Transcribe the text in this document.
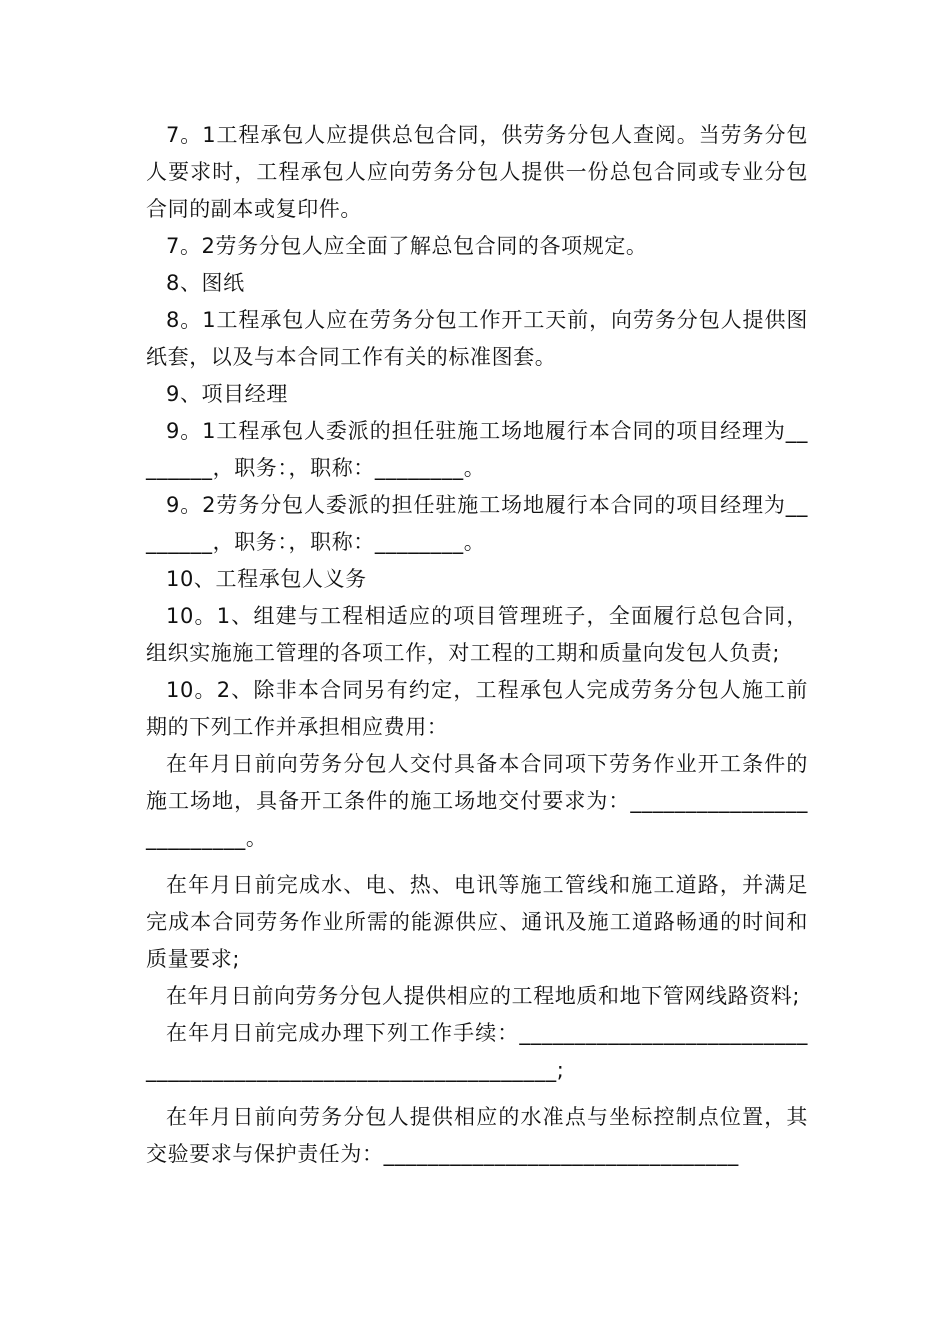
7。1工程承包人应提供总包合同，供劳务分包人查阅。当劳务分包人要求时，工程承包人应向劳务分包人提供一份总包合同或专业分包合同的副本或复印件。

7。2劳务分包人应全面了解总包合同的各项规定。

8、图纸

8。1工程承包人应在劳务分包工作开工天前，向劳务分包人提供图纸套，以及与本合同工作有关的标准图套。

9、项目经理

9。1工程承包人委派的担任驻施工场地履行本合同的项目经理为________，职务：，职称：________。

9。2劳务分包人委派的担任驻施工场地履行本合同的项目经理为________，职务：，职称：________。

10、工程承包人义务

10。1、组建与工程相适应的项目管理班子，全面履行总包合同，组织实施施工管理的各项工作，对工程的工期和质量向发包人负责;

10。2、除非本合同另有约定，工程承包人完成劳务分包人施工前期的下列工作并承担相应费用：

在年月日前向劳务分包人交付具备本合同项下劳务作业开工条件的施工场地，具备开工条件的施工场地交付要求为：_________________________。

在年月日前完成水、电、热、电讯等施工管线和施工道路，并满足完成本合同劳务作业所需的能源供应、通讯及施工道路畅通的时间和质量要求;

在年月日前向劳务分包人提供相应的工程地质和地下管网线路资料;

在年月日前完成办理下列工作手续：_______________________________________________________________;

在年月日前向劳务分包人提供相应的水准点与坐标控制点位置，其交验要求与保护责任为：________________________________
